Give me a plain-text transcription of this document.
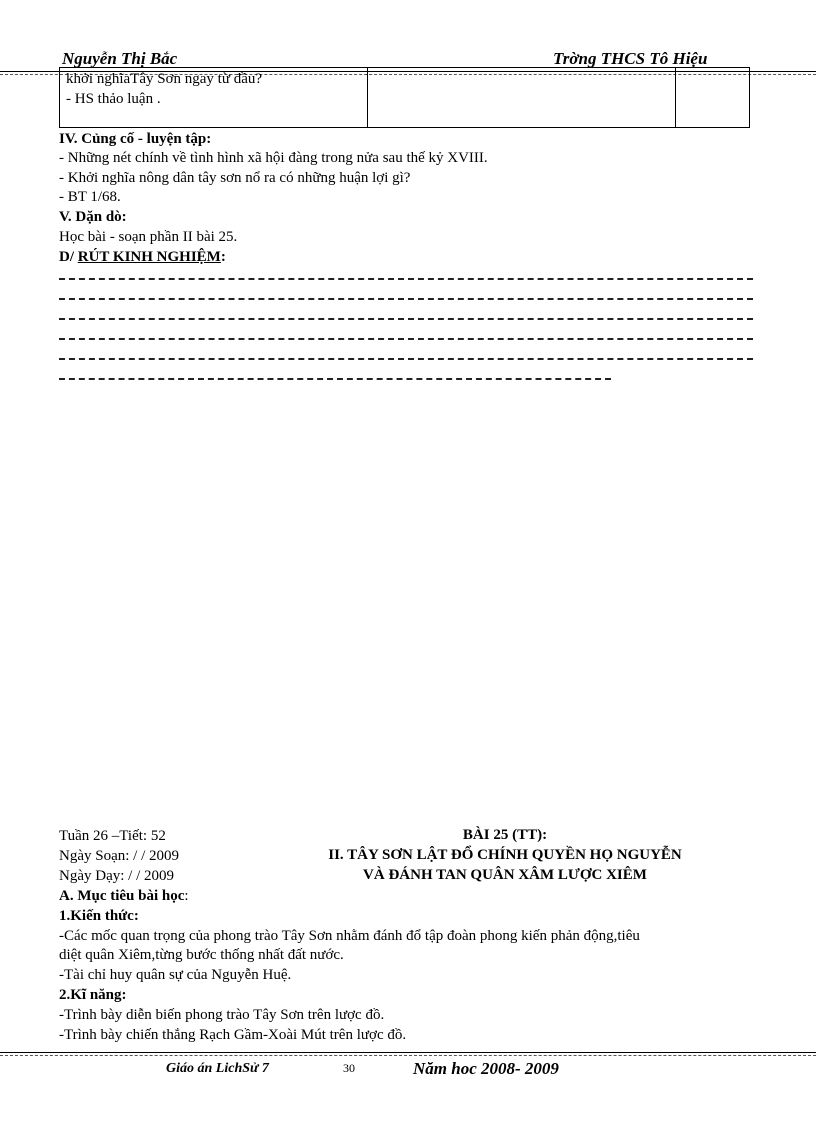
Nguyễn Thị Bắc	Trờng THCS Tô Hiệu
khởi nghĩaTây Sơn ngay từ đầu?
- HS thảo luận .
IV. Củng cố - luyện tập:
- Những nét chính về tình hình xã hội đàng trong nửa sau thế kỷ XVIII.
- Khởi nghĩa nông dân tây sơn nổ ra có những huận lợi gì?
- BT 1/68.
V. Dặn dò:
Học bài - soạn phần II bài 25.
D/ RÚT KINH NGHIỆM:
Tuần 26 –Tiết: 52
Ngày Soạn: / / 2009
Ngày Dạy: / / 2009
BÀI 25 (TT):
II. TÂY SƠN LẬT ĐỔ CHÍNH QUYỀN HỌ NGUYỄN
VÀ ĐÁNH TAN QUÂN XÂM LƯỢC XIÊM
A. Mục tiêu bài học:
1.Kiến thức:
-Các mốc quan trọng của phong trào Tây Sơn nhằm đánh đổ tập đoàn phong kiến phản động,tiêu
diệt quân Xiêm,từng bước thống nhất đất nước.
-Tài chỉ huy quân sự của Nguyễn Huệ.
2.Kĩ năng:
-Trình bày diễn biến phong trào Tây Sơn trên lược đồ.
-Trình bày chiến thắng Rạch Gầm-Xoài Mút trên lược đồ.
Giáo án LichSử 7	30	Năm hoc 2008- 2009
